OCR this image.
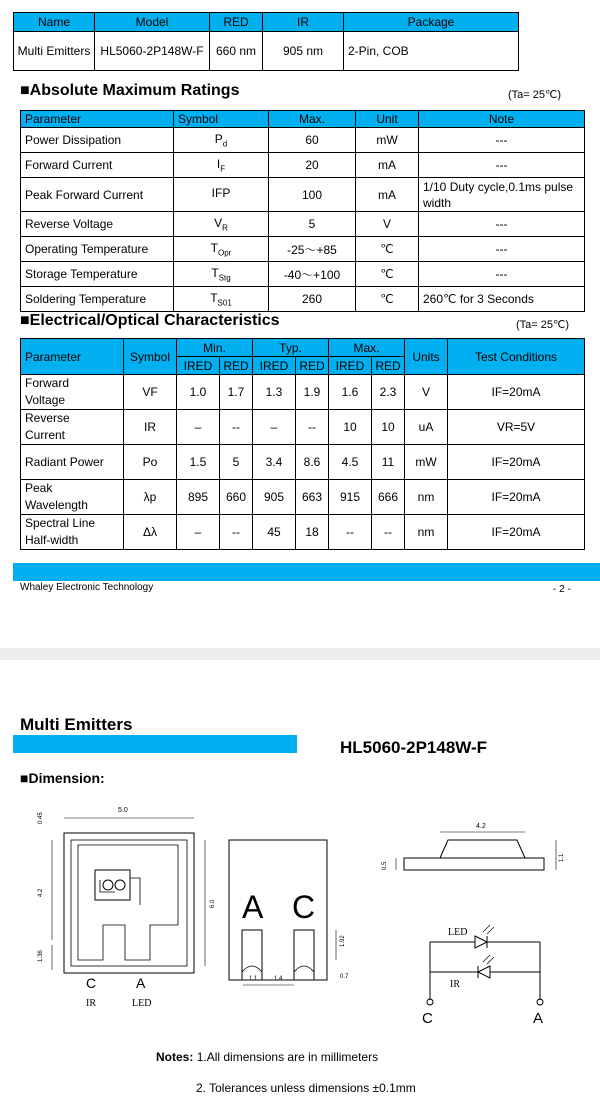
Name	Model	RED	IR	Package
Multi Emitters	HL5060-2P148W-F	660 nm	905 nm	2-Pin, COB
■Absolute Maximum Ratings	(Ta= 25℃)
Parameter	Symbol	Max.	Unit	Note
Power Dissipation	$P_d$	60	mW	---
Forward Current	$I_F$	20	mA	---
Peak Forward Current	IFP	100	mA	1/10 Duty cycle,0.1ms pulse width
Reverse Voltage	$V_R$	5	V	---
Operating Temperature	$T_{Opr}$	-25～+85	℃	---
Storage Temperature	$T_{Stg}$	-40～+100	℃	---
Soldering Temperature	$T_{S01}$	260	℃	260℃ for 3 Seconds
■Electrical/Optical Characteristics	(Ta= 25℃)
Parameter	Symbol	Min.		Typ.		Max.		Units	Test Conditions
		IRED	RED	IRED	RED	IRED	RED		

Forward
Voltage	VF	1.0	1.7	1.3	1.9	1.6	2.3	V	IF=20mA

Reverse
Current	IR	–	--	–	--	10	10	uA	VR=5V

Radiant Power	Po	1.5	5	3.4	8.6	4.5	11	mW	IF=20mA

Peak
Wavelength	λp	895	660	905	663	915	666	nm	IF=20mA

Spectral Line
Half-width	Δλ	–	--	45	18	--	--	nm	IF=20mA
Whaley Electronic Technology	- 2 -
Multi Emitters
HL5060-2P148W-F
■Dimension:
5.0
0.45
4.2
6.0
1.36
1.1	1.4
1.92
0.7
4.2
0.5
1.1
A C
C	A
IR	LED
LED
IR
C	A
Notes: 1.All dimensions are in millimeters
2. Tolerances unless dimensions ±0.1mm
